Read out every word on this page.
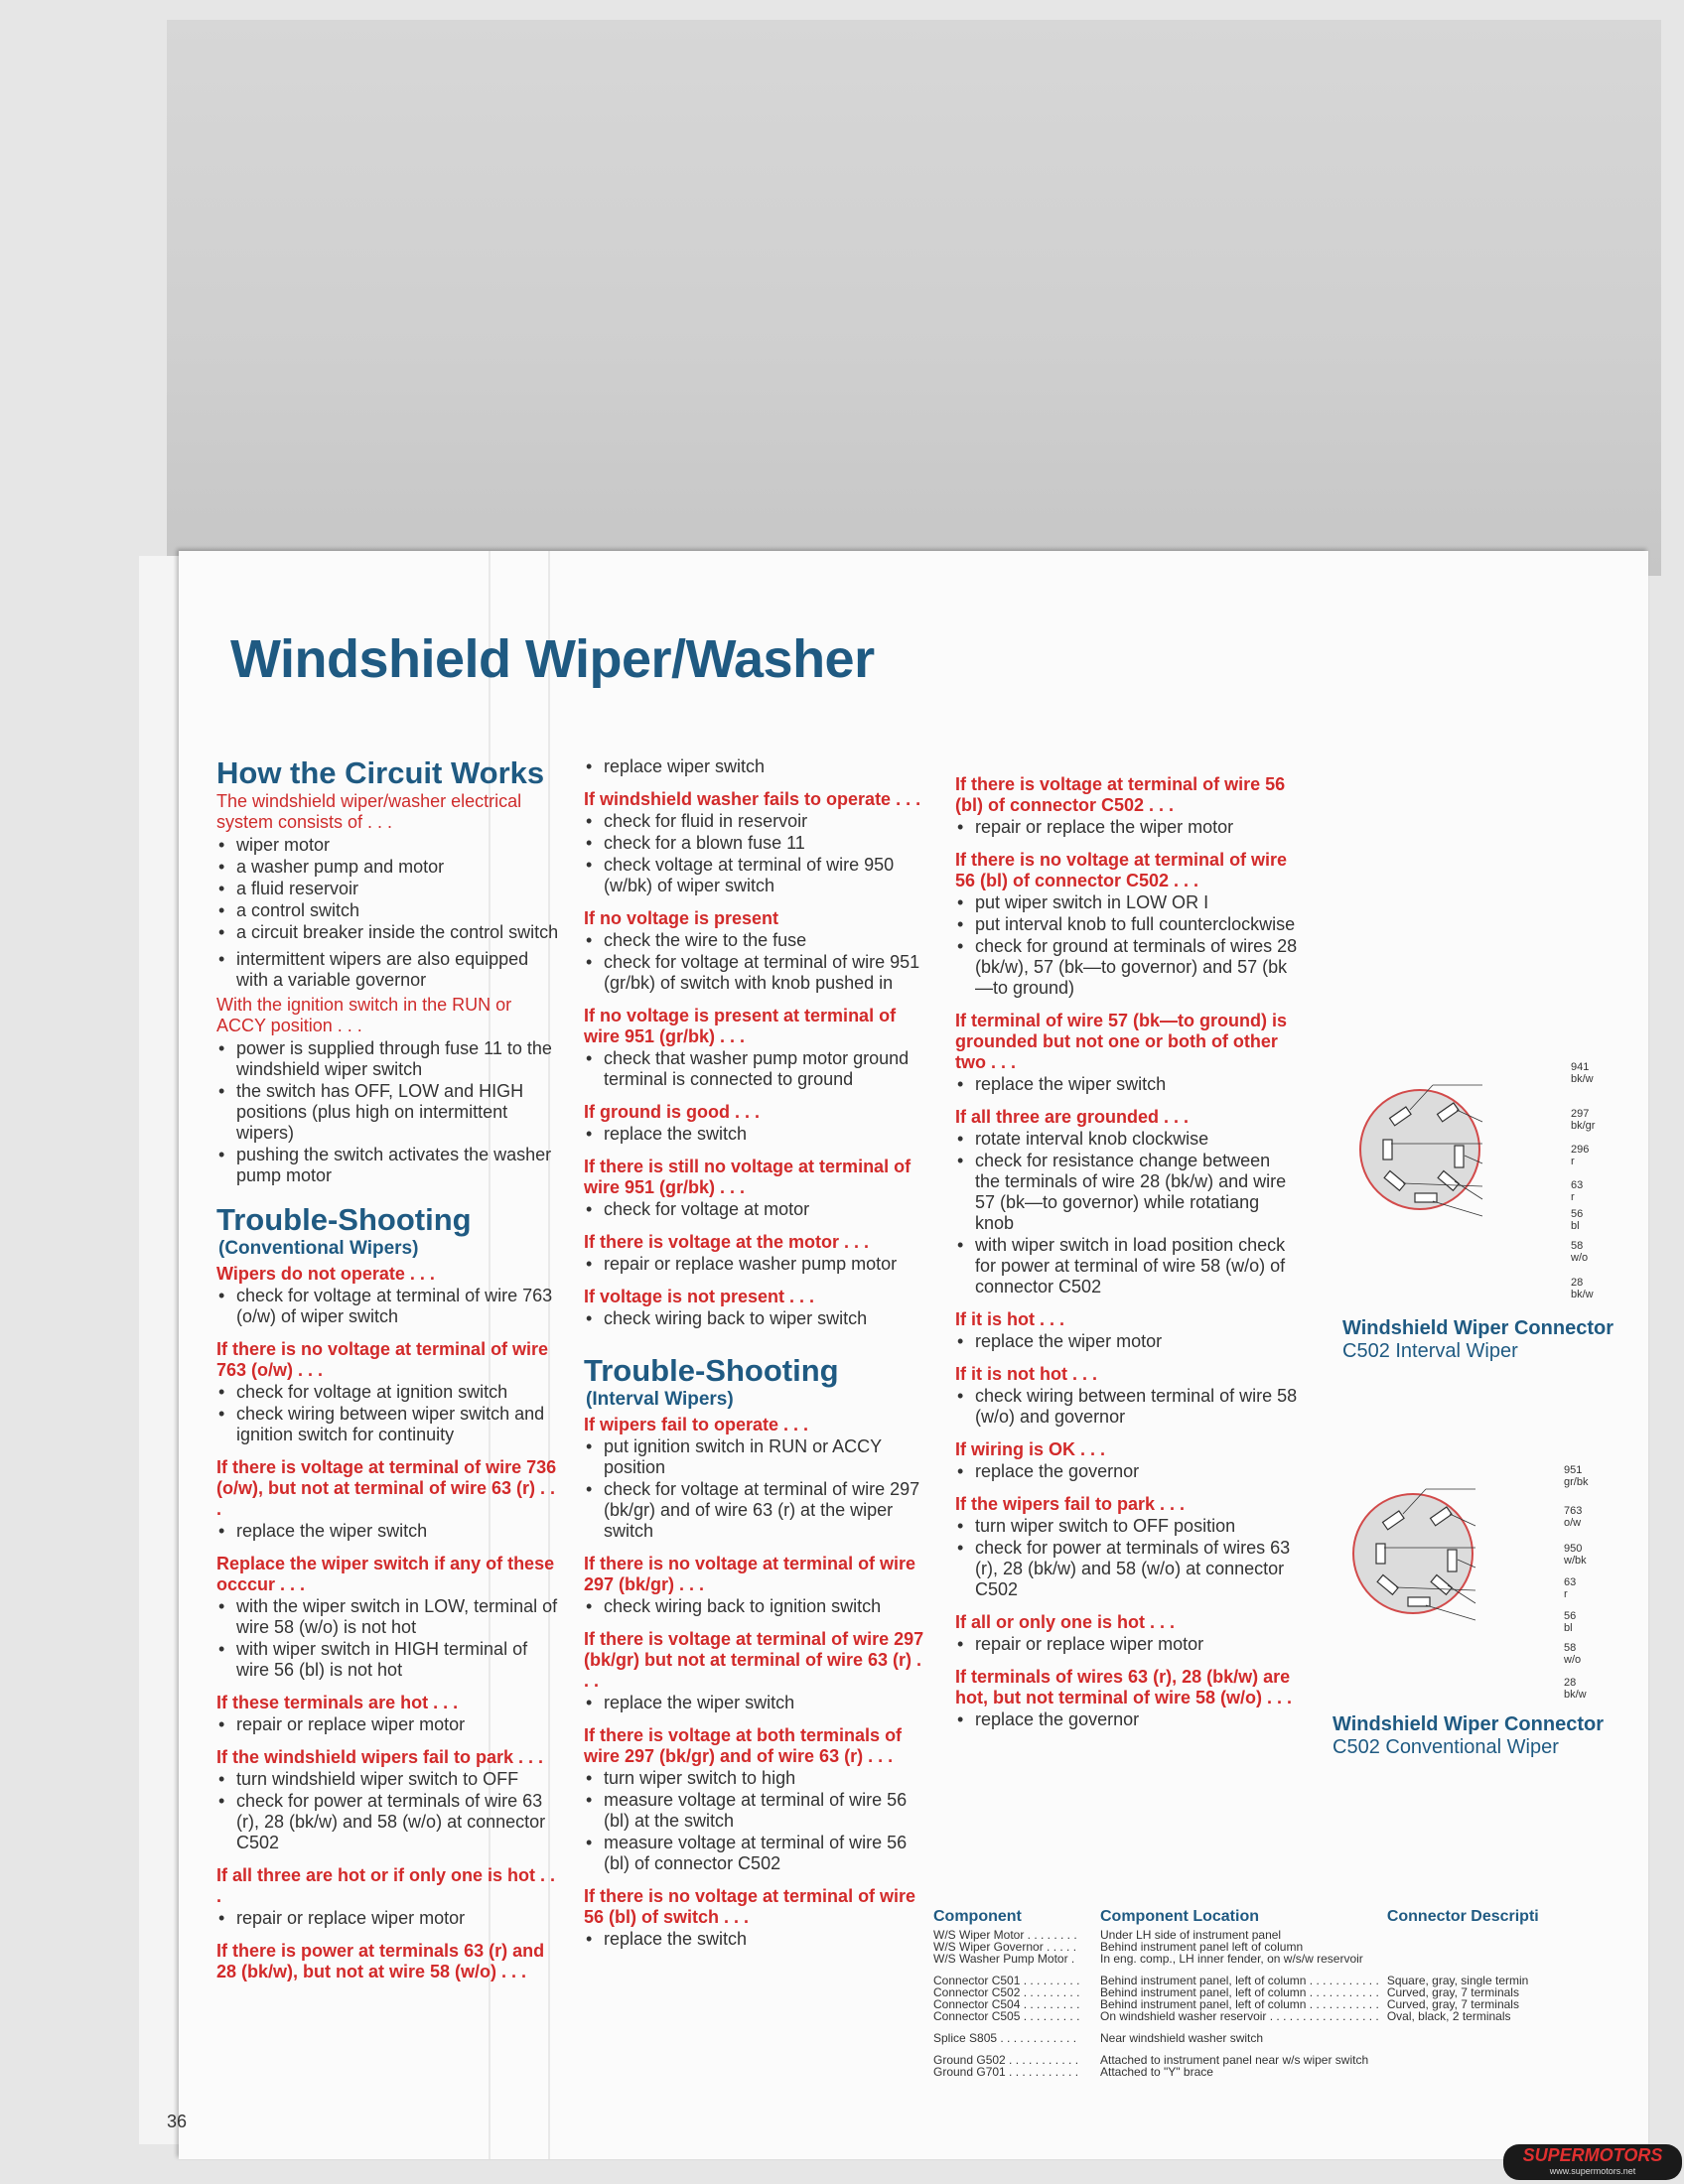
Windshield Wiper/Washer
How the Circuit Works
The windshield wiper/washer electrical system consists of . . .
• wiper motor
• a washer pump and motor
• a fluid reservoir
• a control switch
• a circuit breaker inside the control switch
• intermittent wipers are also equipped with a variable governor
With the ignition switch in the RUN or ACCY position . . .
• power is supplied through fuse 11 to the windshield wiper switch
• the switch has OFF, LOW and HIGH positions (plus high on intermittent wipers)
• pushing the switch activates the washer pump motor
Trouble-Shooting
(Conventional Wipers)
Wipers do not operate . . .
• check for voltage at terminal of wire 763 (o/w) of wiper switch
If there is no voltage at terminal of wire 763 (o/w) . . .
• check for voltage at ignition switch
• check wiring between wiper switch and ignition switch for continuity
If there is voltage at terminal of wire 736 (o/w), but not at terminal of wire 63 (r) . . .
• replace the wiper switch
Replace the wiper switch if any of these occcur . . .
• with the wiper switch in LOW, terminal of wire 58 (w/o) is not hot
• with wiper switch in HIGH terminal of wire 56 (bl) is not hot
If these terminals are hot . . .
• repair or replace wiper motor
If the windshield wipers fail to park . . .
• turn windshield wiper switch to OFF
• check for power at terminals of wire 63 (r), 28 (bk/w) and 58 (w/o) at connector C502
If all three are hot or if only one is hot . . .
• repair or replace wiper motor
If there is power at terminals 63 (r) and 28 (bk/w), but not at wire 58 (w/o) . . .
• replace wiper switch
If windshield washer fails to operate . . .
• check for fluid in reservoir
• check for a blown fuse 11
• check voltage at terminal of wire 950 (w/bk) of wiper switch
If no voltage is present
• check the wire to the fuse
• check for voltage at terminal of wire 951 (gr/bk) of switch with knob pushed in
If no voltage is present at terminal of wire 951 (gr/bk) . . .
• check that washer pump motor ground terminal is connected to ground
If ground is good . . .
• replace the switch
If there is still no voltage at terminal of wire 951 (gr/bk) . . .
• check for voltage at motor
If there is voltage at the motor . . .
• repair or replace washer pump motor
If voltage is not present . . .
• check wiring back to wiper switch
Trouble-Shooting
(Interval Wipers)
If wipers fail to operate . . .
• put ignition switch in RUN or ACCY position
• check for voltage at terminal of wire 297 (bk/gr) and of wire 63 (r) at the wiper switch
If there is no voltage at terminal of wire 297 (bk/gr) . . .
• check wiring back to ignition switch
If there is voltage at terminal of wire 297 (bk/gr) but not at terminal of wire 63 (r) . . .
• replace the wiper switch
If there is voltage at both terminals of wire 297 (bk/gr) and of wire 63 (r) . . .
• turn wiper switch to high
• measure voltage at terminal of wire 56 (bl) at the switch
• measure voltage at terminal of wire 56 (bl) of connector C502
If there is no voltage at terminal of wire 56 (bl) of switch . . .
• replace the switch
If there is voltage at terminal of wire 56 (bl) of connector C502 . . .
• repair or replace the wiper motor
If there is no voltage at terminal of wire 56 (bl) of connector C502 . . .
• put wiper switch in LOW OR I
• put interval knob to full counterclockwise
• check for ground at terminals of wires 28 (bk/w), 57 (bk—to governor) and 57 (bk—to ground)
If terminal of wire 57 (bk—to ground) is grounded but not one or both of other two . . .
• replace the wiper switch
If all three are grounded . . .
• rotate interval knob clockwise
• check for resistance change between the terminals of wire 28 (bk/w) and wire 57 (bk—to governor) while rotatiang knob
• with wiper switch in load position check for power at terminal of wire 58 (w/o) of connector C502
If it is hot . . .
• replace the wiper motor
If it is not hot . . .
• check wiring between terminal of wire 58 (w/o) and governor
If wiring is OK . . .
• replace the governor
If the wipers fail to park . . .
• turn wiper switch to OFF position
• check for power at terminals of wires 63 (r), 28 (bk/w) and 58 (w/o) at connector C502
If all or only one is hot . . .
• repair or replace wiper motor
If terminals of wires 63 (r), 28 (bk/w) are hot, but not terminal of wire 58 (w/o) . . .
• replace the governor
941
bk/w
297
bk/gr
296
r
63
r
56
bl
58
w/o
28
bk/w
Windshield Wiper Connector
C502 Interval Wiper
951
gr/bk
763
o/w
950
w/bk
63
r
56
bl
58
w/o
28
bk/w
Windshield Wiper Connector
C502 Conventional Wiper
Component	Component Location	Connector Descripti
W/S Wiper Motor . . . . . . . .	Under LH side of instrument panel	
W/S Wiper Governor . . . . .	Behind instrument panel left of column	
W/S Washer Pump Motor .	In eng. comp., LH inner fender, on w/s/w reservoir	
Connector C501 . . . . . . . . .	Behind instrument panel, left of column . . . . . . . . . . .	Square, gray, single termin
Connector C502 . . . . . . . . .	Behind instrument panel, left of column . . . . . . . . . . .	Curved, gray, 7 terminals
Connector C504 . . . . . . . . .	Behind instrument panel, left of column . . . . . . . . . . .	Curved, gray, 7 terminals
Connector C505 . . . . . . . . .	On windshield washer reservoir . . . . . . . . . . . . . . . . .	Oval, black, 2 terminals
Splice S805 . . . . . . . . . . . .	Near windshield washer switch	
Ground G502 . . . . . . . . . . .	Attached to instrument panel near w/s wiper switch	
Ground G701 . . . . . . . . . . .	Attached to "Y" brace	
36
SUPERMOTORS
www.supermotors.net
